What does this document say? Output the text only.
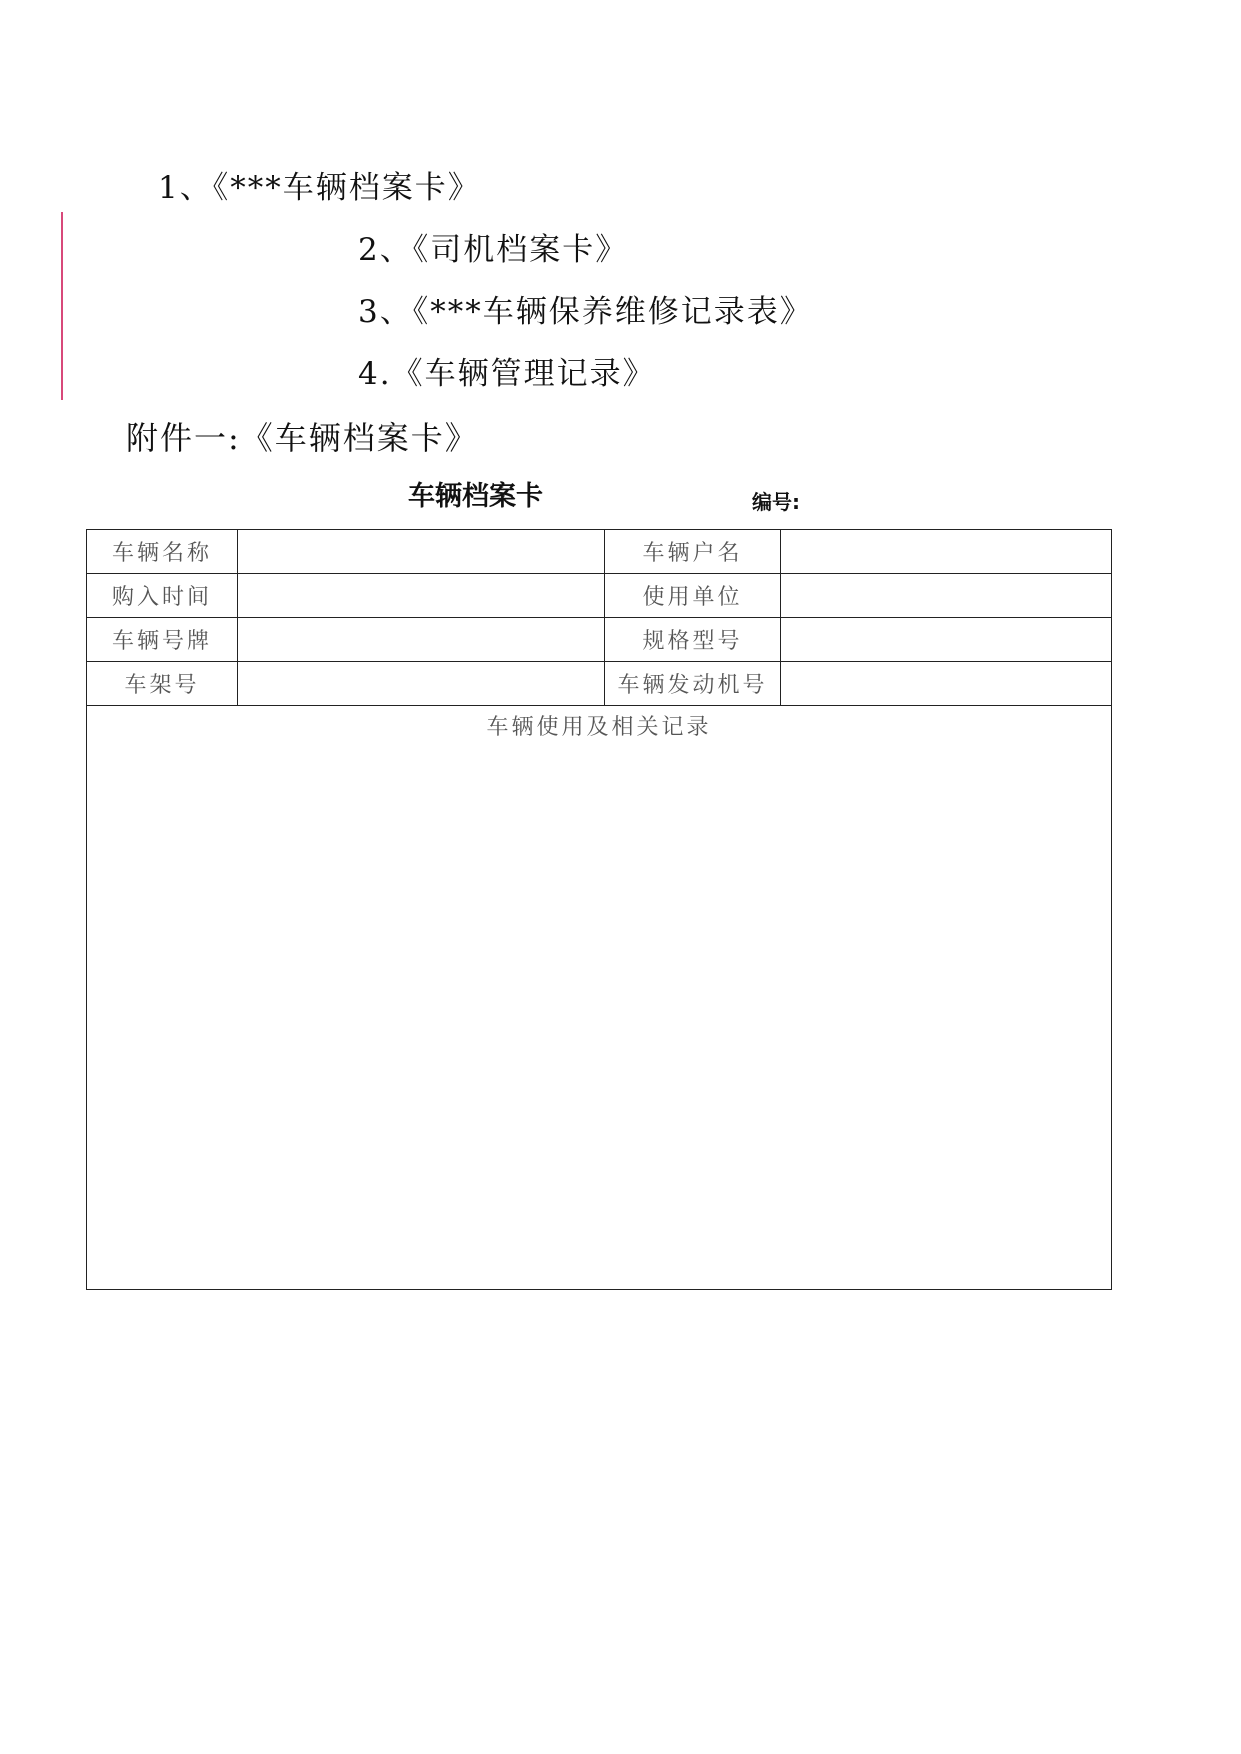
1、《***车辆档案卡》
2、《司机档案卡》
3、《***车辆保养维修记录表》
4.《车辆管理记录》
附件一:《车辆档案卡》
车辆档案卡	编号:
车辆名称		车辆户名	
购入时间		使用单位	
车辆号牌		规格型号	
车架号		车辆发动机号	

车辆使用及相关记录			
